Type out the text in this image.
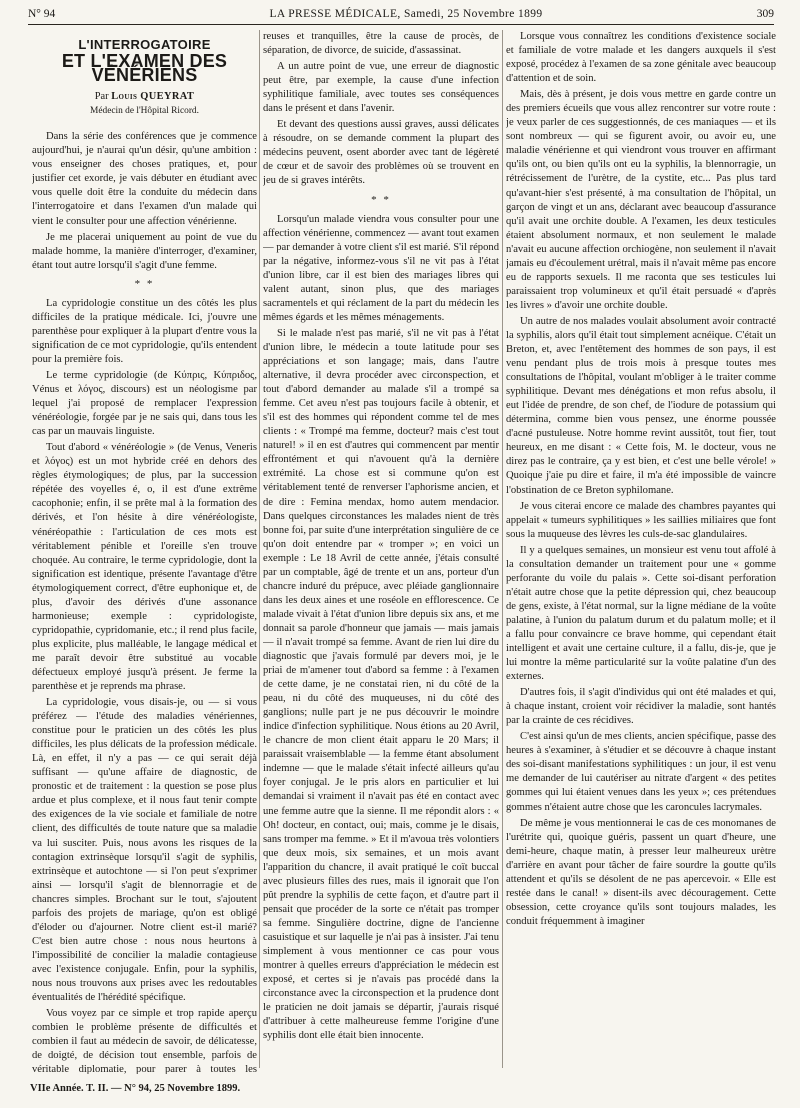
N° 94	LA PRESSE MÉDICALE, Samedi, 25 Novembre 1899	309
L'INTERROGATOIRE
ET L'EXAMEN DES VÉNÉRIENS
Par Louis QUEYRAT
Médecin de l'Hôpital Ricord.

Dans la série des conférences que je commence aujourd'hui, je n'aurai qu'un désir, qu'une ambition : vous enseigner des choses pratiques, et, pour justifier cet exorde, je vais débuter en étudiant avec vous quelle doit être la conduite du médecin dans l'interrogatoire et dans l'examen d'un malade qui vient le consulter pour une affection vénérienne.

Je me placerai uniquement au point de vue du malade homme, la manière d'interroger, d'examiner, étant tout autre lorsqu'il s'agit d'une femme.

* *

La cypridologie constitue un des côtés les plus difficiles de la pratique médicale. Ici, j'ouvre une parenthèse pour expliquer à la plupart d'entre vous la signification de ce mot cypridologie, qu'ils entendent pour la première fois.

Le terme cypridologie (de Κύπρις, Κύπριδος, Vénus et λόγος, discours) est un néologisme par lequel j'ai proposé de remplacer l'expression vénéréologie, forgée par je ne sais qui, dans tous les cas par un mauvais linguiste.

Tout d'abord « vénéréologie » (de Venus, Veneris et λόγος) est un mot hybride créé en dehors des règles étymologiques; de plus, par la succession répétée des voyelles é, o, il est d'une extrême cacophonie; enfin, il se prête mal à la formation des dérivés, et l'on hésite à dire vénéréologiste, vénéréopathie : l'articulation de ces mots est véritablement pénible et l'oreille s'en trouve choquée. Au contraire, le terme cypridologie, dont la signification est identique, présente l'avantage d'être étymologiquement correct, d'être euphonique et, de plus, d'avoir des dérivés d'une assonance harmonieuse; exemple : cypridologiste, cypridopathie, cypridomanie, etc.; il rend plus facile, plus explicite, plus malléable, le langage médical et me paraît devoir être substitué au vocable défectueux employé jusqu'à présent. Je ferme la parenthèse et je reprends ma phrase.

La cypridologie, vous disais-je, ou — si vous préférez — l'étude des maladies vénériennes, constitue pour le praticien un des côtés les plus difficiles, les plus délicats de la profession médicale. Là, en effet, il n'y a pas — ce qui serait déjà suffisant — qu'une affaire de diagnostic, de pronostic et de traitement : la question se pose plus ardue et plus complexe, et il nous faut tenir compte des exigences de la vie sociale et familiale de notre client, des difficultés de toute nature que sa maladie va lui susciter. Puis, nous avons les risques de la contagion extrinsèque lorsqu'il s'agit de syphilis, extrinsèque et autochtone — si l'on peut s'exprimer ainsi — lorsqu'il s'agit de blennorragie et de chancres simples. Brochant sur le tout, s'ajoutent parfois des projets de mariage, qu'on est obligé d'éloder ou d'ajourner. Notre client est-il marié? C'est bien autre chose : nous nous heurtons à l'impossibilité de concilier la maladie contagieuse avec l'existence conjugale. Enfin, pour la syphilis, nous nous trouvons aux prises avec les redoutables éventualités de l'hérédité spécifique.

Vous voyez par ce simple et trop rapide aperçu combien le problème présente de difficultés et combien il faut au médecin de savoir, de délicatesse, de doigté, de décision tout ensemble, parfois de véritable diplomatie, pour parer à toutes les

reuses et tranquilles, être la cause de procès, de séparation, de divorce, de suicide, d'assassinat.

A un autre point de vue, une erreur de diagnostic peut être, par exemple, la cause d'une infection syphilitique familiale, avec toutes ses conséquences dans le présent et dans l'avenir.

Et devant des questions aussi graves, aussi délicates à résoudre, on se demande comment la plupart des médecins peuvent, osent aborder avec tant de légèreté de cœur et de savoir des problèmes où se trouvent en jeu de si graves intérêts.

* *

Lorsqu'un malade viendra vous consulter pour une affection vénérienne, commencez — avant tout examen — par demander à votre client s'il est marié. S'il répond par la négative, informez-vous s'il ne vit pas à l'état d'union libre, car il est bien des mariages libres qui valent autant, sinon plus, que des mariages sacramentels et qui réclament de la part du médecin les mêmes égards et les mêmes ménagements.

Si le malade n'est pas marié, s'il ne vit pas à l'état d'union libre, le médecin a toute latitude pour ses appréciations et son langage; mais, dans l'autre alternative, il devra procéder avec circonspection, et tout d'abord demander au malade s'il a trompé sa femme. Cet aveu n'est pas toujours facile à obtenir, et s'il est des hommes qui répondent comme tel de mes clients : « Trompé ma femme, docteur? mais c'est tout naturel! » il en est d'autres qui commencent par mentir effrontément et qui n'avouent qu'à la dernière extrémité. La chose est si commune qu'on est véritablement tenté de renverser l'aphorisme ancien, et de dire : Femina mendax, homo autem mendacior. Dans quelques circonstances les malades nient de très bonne foi, par suite d'une interprétation singulière de ce qu'on doit entendre par « tromper »; en voici un exemple : Le 18 Avril de cette année, j'étais consulté par un comptable, âgé de trente et un ans, porteur d'un chancre induré du prépuce, avec pléiade ganglionnaire dans les deux aines et une roséole en efflorescence. Ce malade vivait à l'état d'union libre depuis six ans, et me donnait sa parole d'honneur que jamais — mais jamais — il n'avait trompé sa femme. Avant de rien lui dire du diagnostic que j'avais formulé par devers moi, je le priai de m'amener tout d'abord sa femme : à l'examen de cette dame, je ne constatai rien, ni du côté de la peau, ni du côté des muqueuses, ni du côté des ganglions; nulle part je ne pus découvrir le moindre indice d'infection syphilitique. Nous étions au 20 Avril, le chancre de mon client était apparu le 20 Mars; il paraissait vraisemblable — la femme étant absolument indemne — que le malade s'était infecté ailleurs qu'au foyer conjugal. Je le pris alors en particulier et lui demandai si vraiment il n'avait pas été en contact avec une femme autre que la sienne. Il me répondit alors : « Oh! docteur, en contact, oui; mais, comme je le disais, sans tromper ma femme. » Et il m'avoua très volontiers que deux mois, six semaines, et un mois avant l'apparition du chancre, il avait pratiqué le coït buccal avec plusieurs filles des rues, mais il ignorait que l'on pût prendre la syphilis de cette façon, et d'autre part il pensait que procéder de la sorte ce n'était pas tromper sa femme. Singulière doctrine, digne de l'ancienne casuistique et sur laquelle je n'ai pas à insister. J'ai tenu simplement à vous mentionner ce cas pour vous montrer à quelles erreurs d'appréciation le médecin est exposé, et certes si je n'avais pas procédé dans la circonstance avec la circonspection et la prudence dont le praticien ne doit jamais se départir, j'aurais risqué d'attribuer à cette malheureuse femme l'origine d'une syphilis dont elle était bien innocente.

Lorsque vous connaîtrez les conditions d'existence sociale et familiale de votre malade et les dangers auxquels il s'est exposé, procédez à l'examen de sa zone génitale avec beaucoup d'attention et de soin.

Mais, dès à présent, je dois vous mettre en garde contre un des premiers écueils que vous allez rencontrer sur votre route : je veux parler de ces suggestionnés, de ces maniaques — et ils sont nombreux — qui se figurent avoir, ou avoir eu, une maladie vénérienne et qui viendront vous trouver en affirmant qu'ils ont, ou bien qu'ils ont eu la syphilis, la blennorragie, un rétrécissement de l'urètre, de la cystite, etc... Pas plus tard qu'avant-hier s'est présenté, à ma consultation de l'hôpital, un garçon de vingt et un ans, déclarant avec beaucoup d'assurance qu'il avait une orchite double. A l'examen, les deux testicules étaient absolument normaux, et non seulement le malade n'avait eu aucune affection orchiogène, non seulement il n'avait jamais eu d'écoulement urétral, mais il n'avait même pas encore eu de rapports sexuels. Il me raconta que ses testicules lui paraissaient trop volumineux et qu'il était persuadé « d'après les livres » d'avoir une orchite double.

Un autre de nos malades voulait absolument avoir contracté la syphilis, alors qu'il était tout simplement acnéique. C'était un Breton, et, avec l'entêtement des hommes de son pays, il est venu pendant plus de trois mois à presque toutes mes consultations de l'hôpital, voulant m'obliger à le traiter comme syphilitique. Devant mes dénégations et mon refus absolu, il eut l'idée de prendre, de son chef, de l'iodure de potassium qui détermina, comme bien vous pensez, une énorme poussée d'acné pustuleuse. Notre homme revint aussitôt, tout fier, tout heureux, en me disant : « Cette fois, M. le docteur, vous ne direz pas le contraire, ça y est bien, et c'est une belle vérole! » Quoique j'aie pu dire et faire, il m'a été impossible de vaincre l'obstination de ce Breton syphilomane.

Je vous citerai encore ce malade des chambres payantes qui appelait « tumeurs syphilitiques » les saillies miliaires que font sous la muqueuse des lèvres les culs-de-sac glandulaires.

Il y a quelques semaines, un monsieur est venu tout affolé à la consultation demander un traitement pour une « gomme perforante du voile du palais ». Cette soi-disant perforation n'était autre chose que la petite dépression qui, chez beaucoup de gens, existe, à l'état normal, sur la ligne médiane de la voûte palatine, à l'union du palatum durum et du palatum molle; et il a fallu pour convaincre ce brave homme, qui cependant était intelligent et avait une certaine culture, il a fallu, dis-je, que je lui montre la même particularité sur la voûte palatine d'un des externes.

D'autres fois, il s'agit d'individus qui ont été malades et qui, à chaque instant, croient voir récidiver la maladie, sont hantés par la crainte de ces récidives.

C'est ainsi qu'un de mes clients, ancien spécifique, passe des heures à s'examiner, à s'étudier et se découvre à chaque instant des soi-disant manifestations syphilitiques : un jour, il est venu me demander de lui cautériser au nitrate d'argent « des petites gommes qui lui étaient venues dans les yeux »; ces prétendues gommes n'étaient autre chose que les caroncules lacrymales.

De même je vous mentionnerai le cas de ces monomanes de l'urétrite qui, quoique guéris, passent un quart d'heure, une demi-heure, chaque matin, à presser leur malheureux urètre d'arrière en avant pour tâcher de faire sourdre la goutte qu'ils attendent et qu'ils se désolent de ne pas apercevoir. « Elle est restée dans le canal! » disent-ils avec découragement. Cette obsession, cette croyance qu'ils sont toujours malades, les conduit fréquemment à imaginer

VIIe Année. T. II. — N° 94, 25 Novembre 1899.
